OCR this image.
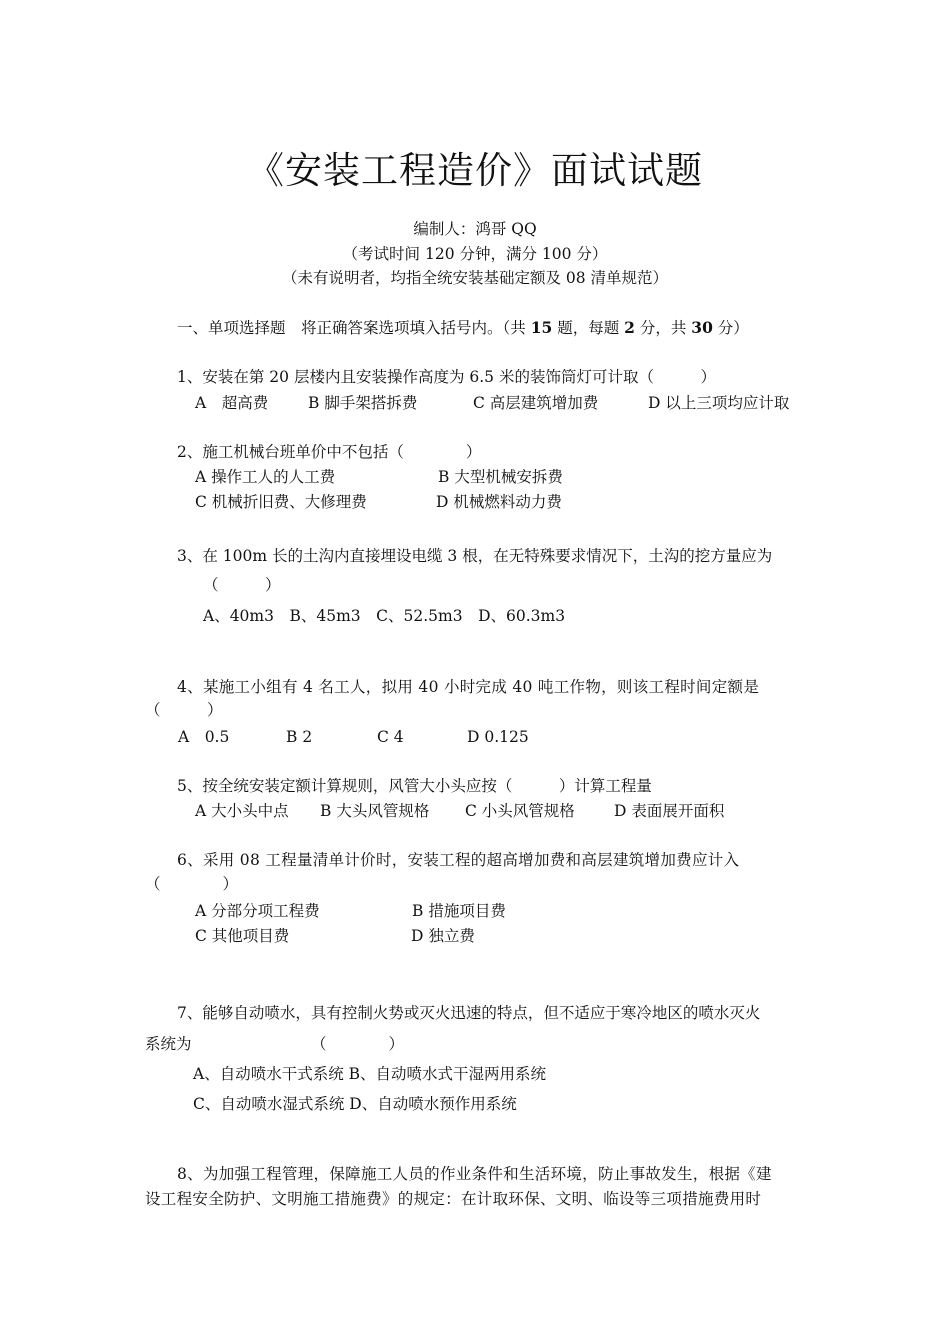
《安装工程造价》面试试题
编制人：鸿哥 QQ
（考试时间 120 分钟，满分 100 分）
（未有说明者，均指全统安装基础定额及 08 清单规范）
一、单项选择题　将正确答案选项填入括号内。（共 15 题，每题 2 分，共 30 分）
1、安装在第 20 层楼内且安装操作高度为 6.5 米的装饰筒灯可计取（　　　）
A　超高费	B 脚手架搭拆费	C 高层建筑增加费	D 以上三项均应计取
2、施工机械台班单价中不包括（　　　　）
A 操作工人的人工费	B 大型机械安拆费
C 机械折旧费、大修理费	D 机械燃料动力费
3、在 100m 长的土沟内直接埋设电缆 3 根，在无特殊要求情况下，土沟的挖方量应为
（　　　）
A、40m3　B、45m3　C、52.5m3　D、60.3m3
4、某施工小组有 4 名工人，拟用 40 小时完成 40 吨工作物，则该工程时间定额是
（　　　）
A　0.5	B 2	C 4	D 0.125
5、按全统安装定额计算规则，风管大小头应按（　　　）计算工程量
A 大小头中点 B 大头风管规格 C 小头风管规格	D 表面展开面积
6、采用 08 工程量清单计价时，安装工程的超高增加费和高层建筑增加费应计入
（　　　　）
A 分部分项工程费	B 措施项目费
C 其他项目费	D 独立费
7、能够自动喷水，具有控制火势或灭火迅速的特点，但不适应于寒冷地区的喷水灭火
系统为	（　　　　）
A、自动喷水干式系统 B、自动喷水式干湿两用系统
C、自动喷水湿式系统 D、自动喷水预作用系统
8、为加强工程管理，保障施工人员的作业条件和生活环境，防止事故发生，根据《建
设工程安全防护、文明施工措施费》的规定：在计取环保、文明、临设等三项措施费用时
